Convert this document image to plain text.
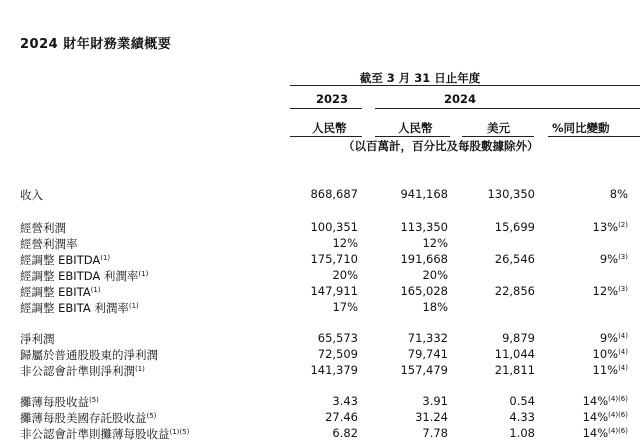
2024 財年財務業績概要
截至 3 月 31 日止年度
2023	2024
人民幣	人民幣	美元	%同比變動
（以百萬計，百分比及每股數據除外）
收入	868,687	941,168	130,350	8%
經營利潤	100,351	113,350	15,699	13%$^{(2)}$
經營利潤率	12%	12%
經調整 EBITDA$^{(1)}$	175,710	191,668	26,546	9%$^{(3)}$
經調整 EBITDA 利潤率$^{(1)}$	20%	20%
經調整 EBITA$^{(1)}$	147,911	165,028	22,856	12%$^{(3)}$
經調整 EBITA 利潤率$^{(1)}$	17%	18%
淨利潤	65,573	71,332	9,879	9%$^{(4)}$
歸屬於普通股股東的淨利潤	72,509	79,741	11,044	10%$^{(4)}$
非公認會計準則淨利潤$^{(1)}$	141,379	157,479	21,811	11%$^{(4)}$
攤薄每股收益$^{(5)}$	3.43	3.91	0.54	14%$^{(4)(6)}$
攤薄每股美國存託股收益$^{(5)}$	27.46	31.24	4.33	14%$^{(4)(6)}$
非公認會計準則攤薄每股收益$^{(1)(5)}$	6.82	7.78	1.08	14%$^{(4)(6)}$
